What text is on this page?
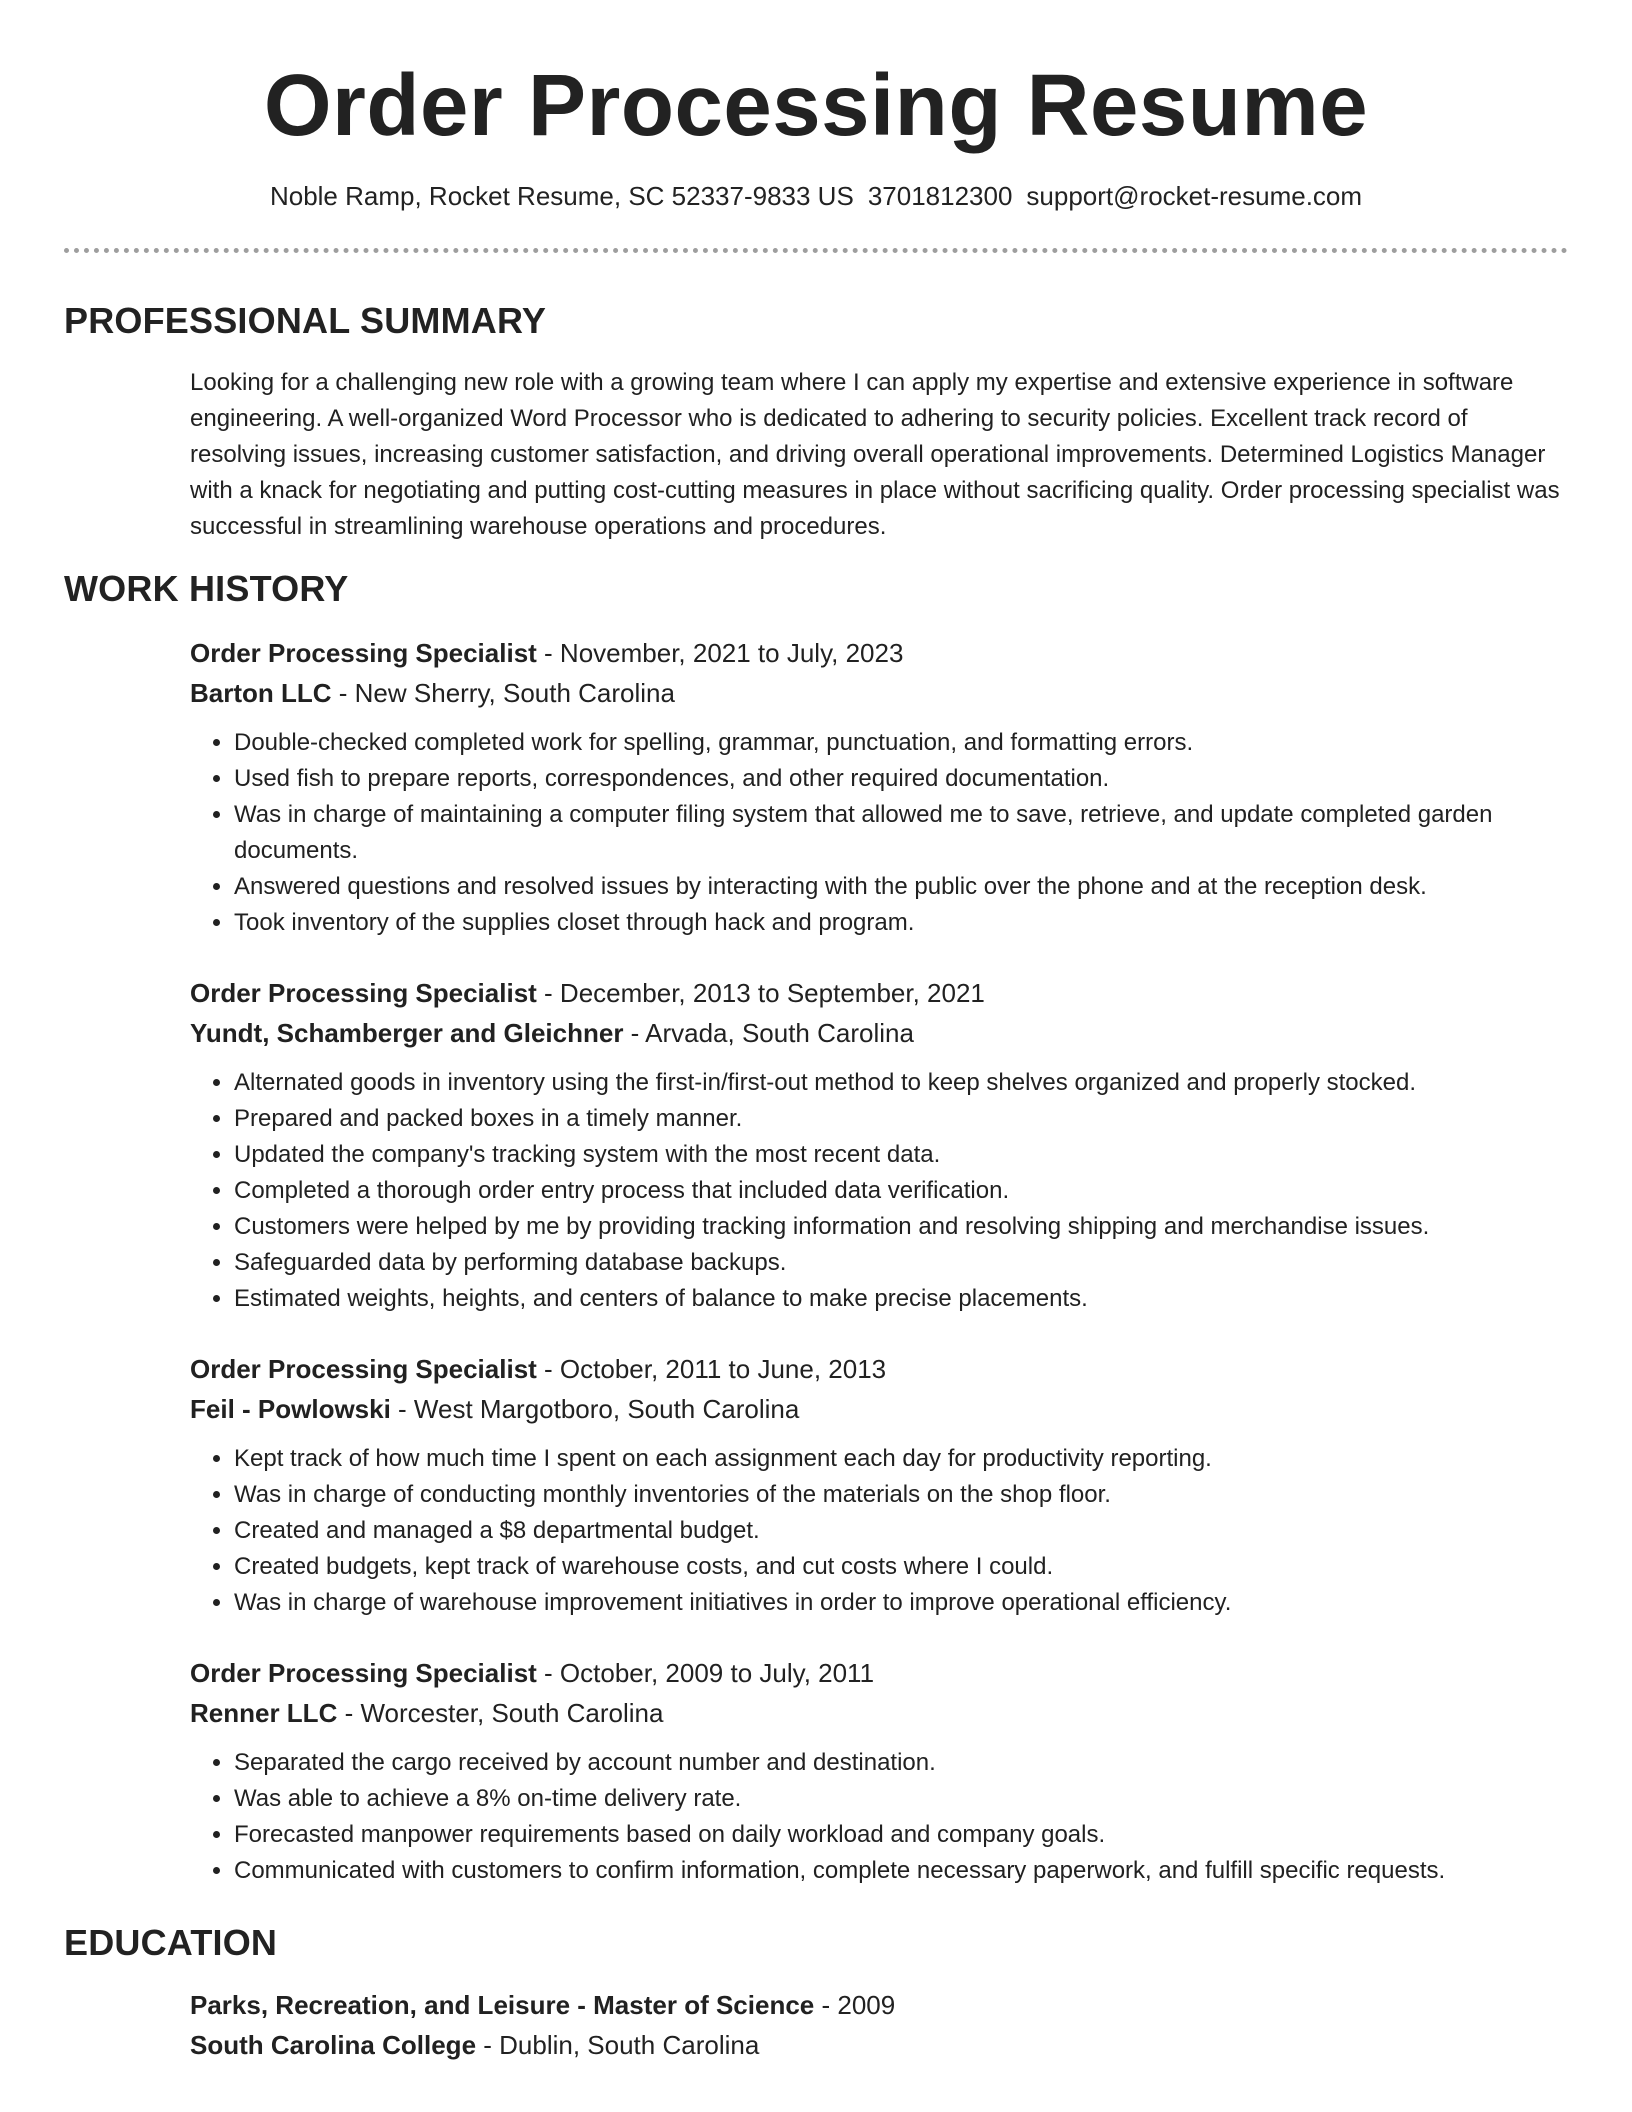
Order Processing Resume
Noble Ramp, Rocket Resume, SC 52337-9833 US 3701812300 support@rocket-resume.com
PROFESSIONAL SUMMARY

Looking for a challenging new role with a growing team where I can apply my expertise and extensive experience in software engineering. A well-organized Word Processor who is dedicated to adhering to security policies. Excellent track record of resolving issues, increasing customer satisfaction, and driving overall operational improvements. Determined Logistics Manager with a knack for negotiating and putting cost-cutting measures in place without sacrificing quality. Order processing specialist was successful in streamlining warehouse operations and procedures.

WORK HISTORY
Order Processing Specialist - November, 2021 to July, 2023
Barton LLC - New Sherry, South Carolina
• Double-checked completed work for spelling, grammar, punctuation, and formatting errors.
• Used fish to prepare reports, correspondences, and other required documentation.
• Was in charge of maintaining a computer filing system that allowed me to save, retrieve, and update completed garden documents.
• Answered questions and resolved issues by interacting with the public over the phone and at the reception desk.
• Took inventory of the supplies closet through hack and program.
Order Processing Specialist - December, 2013 to September, 2021
Yundt, Schamberger and Gleichner - Arvada, South Carolina
• Alternated goods in inventory using the first-in/first-out method to keep shelves organized and properly stocked.
• Prepared and packed boxes in a timely manner.
• Updated the company's tracking system with the most recent data.
• Completed a thorough order entry process that included data verification.
• Customers were helped by me by providing tracking information and resolving shipping and merchandise issues.
• Safeguarded data by performing database backups.
• Estimated weights, heights, and centers of balance to make precise placements.
Order Processing Specialist - October, 2011 to June, 2013
Feil - Powlowski - West Margotboro, South Carolina
• Kept track of how much time I spent on each assignment each day for productivity reporting.
• Was in charge of conducting monthly inventories of the materials on the shop floor.
• Created and managed a $8 departmental budget.
• Created budgets, kept track of warehouse costs, and cut costs where I could.
• Was in charge of warehouse improvement initiatives in order to improve operational efficiency.
Order Processing Specialist - October, 2009 to July, 2011
Renner LLC - Worcester, South Carolina
• Separated the cargo received by account number and destination.
• Was able to achieve a 8% on-time delivery rate.
• Forecasted manpower requirements based on daily workload and company goals.
• Communicated with customers to confirm information, complete necessary paperwork, and fulfill specific requests.
EDUCATION
Parks, Recreation, and Leisure - Master of Science - 2009
South Carolina College - Dublin, South Carolina
